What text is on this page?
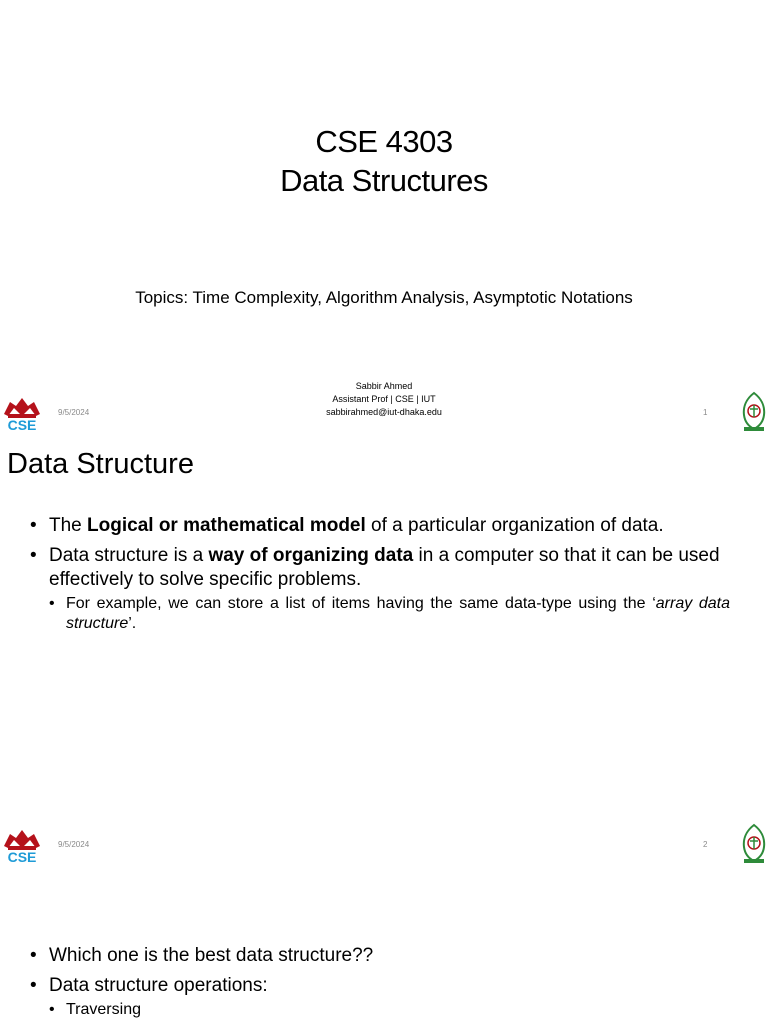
CSE 4303
Data Structures
Topics: Time Complexity, Algorithm Analysis, Asymptotic Notations
CSE
9/5/2024
Sabbir Ahmed
Assistant Prof | CSE | IUT
sabbirahmed@iut-dhaka.edu	1
Data Structure
• The Logical or mathematical model of a particular organization of data.
• Data structure is a way of organizing data in a computer so that it can be used effectively to solve specific problems.
• For example, we can store a list of items having the same data-type using the ‘array data structure’.
CSE
9/5/2024	2
• Which one is the best data structure??
• Data structure operations:
• Traversing
